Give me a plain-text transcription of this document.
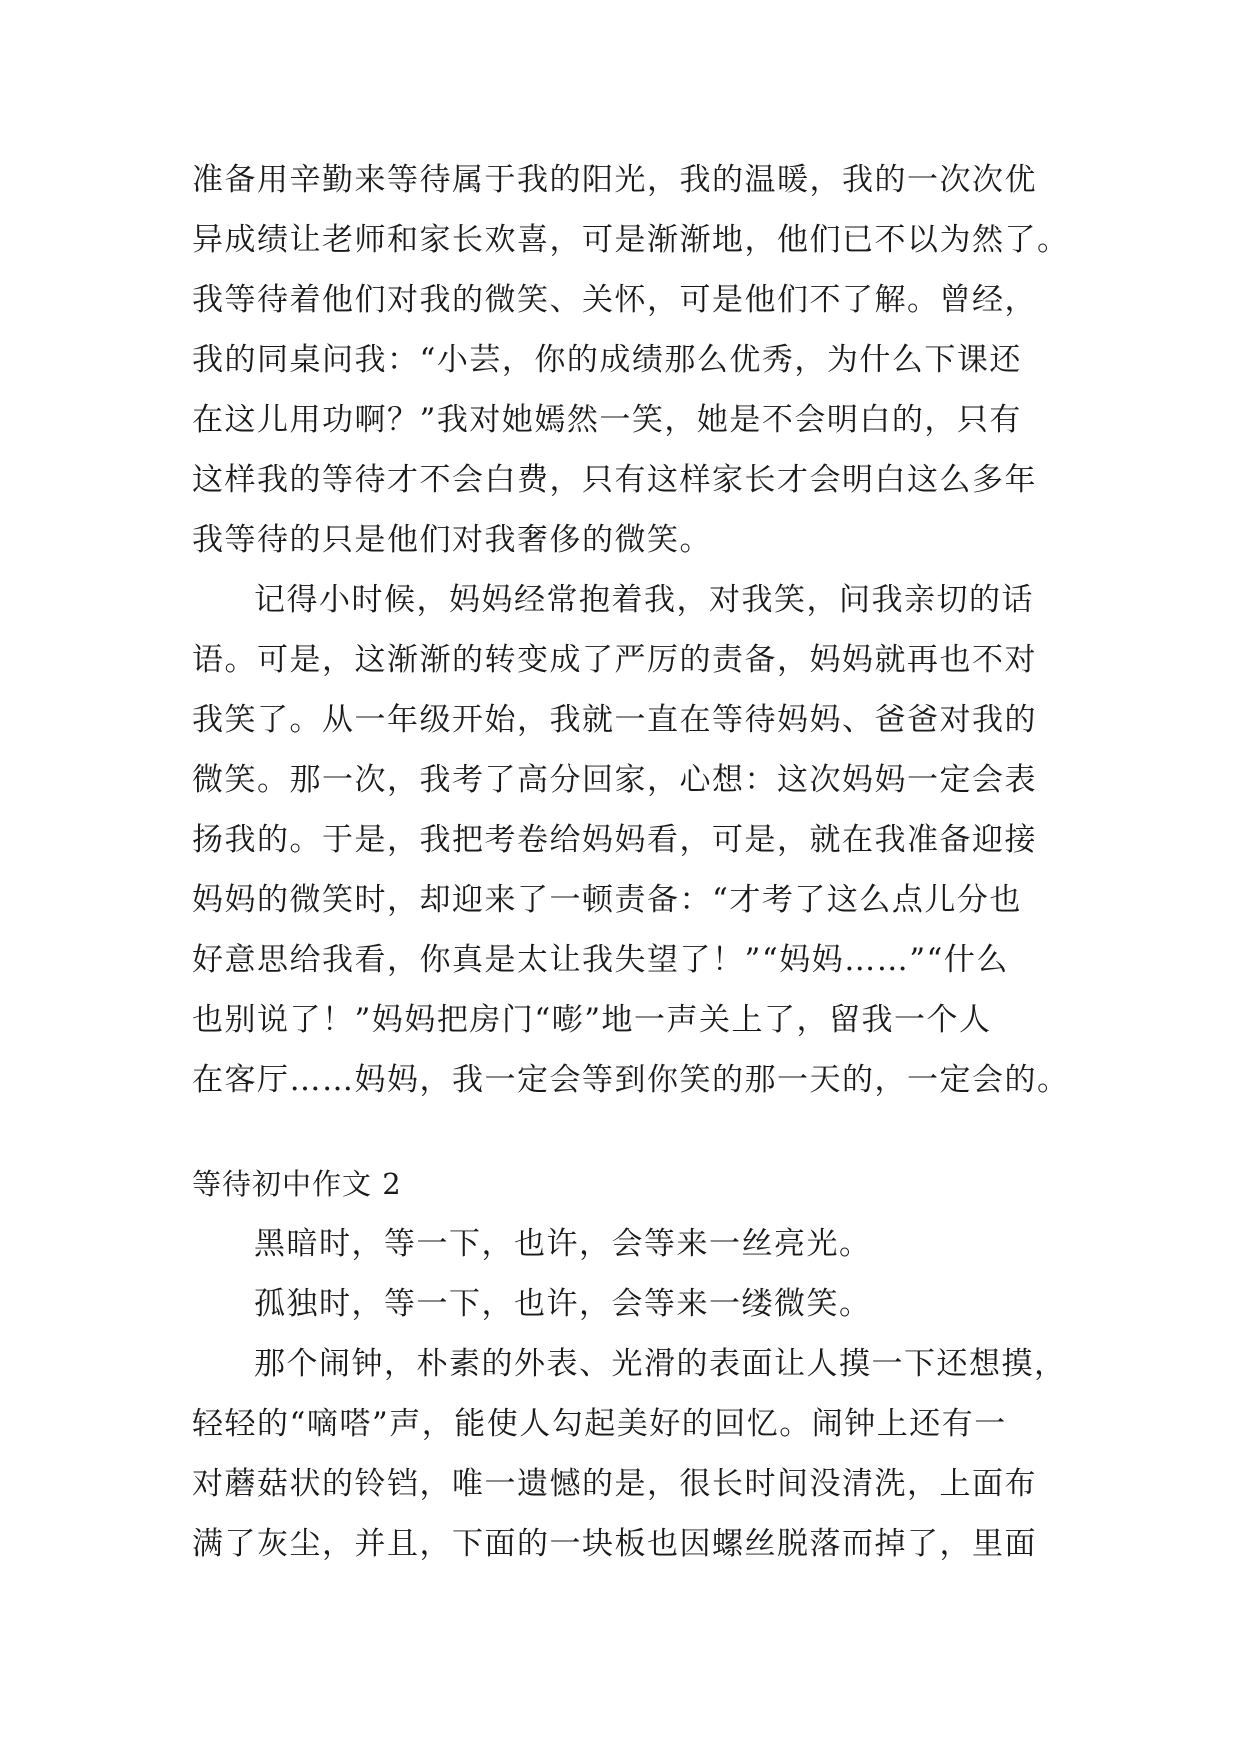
准备用辛勤来等待属于我的阳光，我的温暖，我的一次次优
异成绩让老师和家长欢喜，可是渐渐地，他们已不以为然了。
我等待着他们对我的微笑、关怀，可是他们不了解。曾经，
我的同桌问我：“小芸，你的成绩那么优秀，为什么下课还
在这儿用功啊？”我对她嫣然一笑，她是不会明白的，只有
这样我的等待才不会白费，只有这样家长才会明白这么多年
我等待的只是他们对我奢侈的微笑。
记得小时候，妈妈经常抱着我，对我笑，问我亲切的话
语。可是，这渐渐的转变成了严厉的责备，妈妈就再也不对
我笑了。从一年级开始，我就一直在等待妈妈、爸爸对我的
微笑。那一次，我考了高分回家，心想：这次妈妈一定会表
扬我的。于是，我把考卷给妈妈看，可是，就在我准备迎接
妈妈的微笑时，却迎来了一顿责备：“才考了这么点儿分也
好意思给我看，你真是太让我失望了！”“妈妈……”“什么
也别说了！”妈妈把房门“嘭”地一声关上了，留我一个人
在客厅……妈妈，我一定会等到你笑的那一天的，一定会的。
等待初中作文 2
黑暗时，等一下，也许，会等来一丝亮光。
孤独时，等一下，也许，会等来一缕微笑。
那个闹钟，朴素的外表、光滑的表面让人摸一下还想摸，
轻轻的“嘀嗒”声，能使人勾起美好的回忆。闹钟上还有一
对蘑菇状的铃铛，唯一遗憾的是，很长时间没清洗，上面布
满了灰尘，并且，下面的一块板也因螺丝脱落而掉了，里面
